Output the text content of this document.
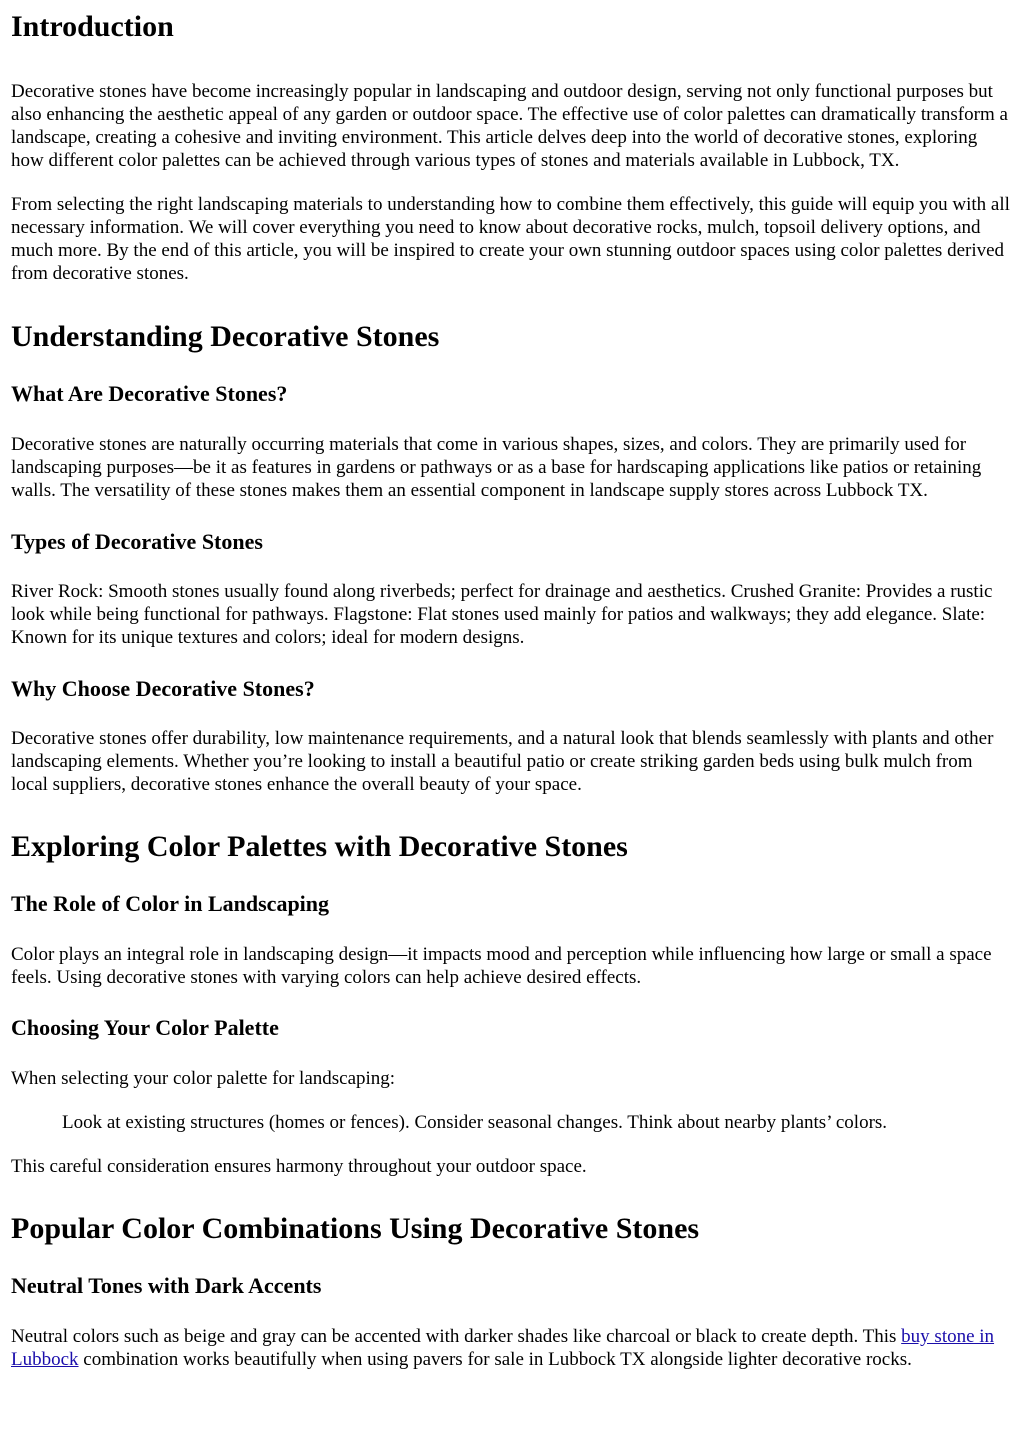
Introduction

Decorative stones have become increasingly popular in landscaping and outdoor design, serving not only functional purposes but also enhancing the aesthetic appeal of any garden or outdoor space. The effective use of color palettes can dramatically transform a landscape, creating a cohesive and inviting environment. This article delves deep into the world of decorative stones, exploring how different color palettes can be achieved through various types of stones and materials available in Lubbock, TX.

From selecting the right landscaping materials to understanding how to combine them effectively, this guide will equip you with all necessary information. We will cover everything you need to know about decorative rocks, mulch, topsoil delivery options, and much more. By the end of this article, you will be inspired to create your own stunning outdoor spaces using color palettes derived from decorative stones.

Understanding Decorative Stones
What Are Decorative Stones?

Decorative stones are naturally occurring materials that come in various shapes, sizes, and colors. They are primarily used for landscaping purposes—be it as features in gardens or pathways or as a base for hardscaping applications like patios or retaining walls. The versatility of these stones makes them an essential component in landscape supply stores across Lubbock TX.

Types of Decorative Stones

River Rock: Smooth stones usually found along riverbeds; perfect for drainage and aesthetics. Crushed Granite: Provides a rustic look while being functional for pathways. Flagstone: Flat stones used mainly for patios and walkways; they add elegance. Slate: Known for its unique textures and colors; ideal for modern designs.

Why Choose Decorative Stones?

Decorative stones offer durability, low maintenance requirements, and a natural look that blends seamlessly with plants and other landscaping elements. Whether you’re looking to install a beautiful patio or create striking garden beds using bulk mulch from local suppliers, decorative stones enhance the overall beauty of your space.

Exploring Color Palettes with Decorative Stones
The Role of Color in Landscaping

Color plays an integral role in landscaping design—it impacts mood and perception while influencing how large or small a space feels. Using decorative stones with varying colors can help achieve desired effects.

Choosing Your Color Palette

When selecting your color palette for landscaping:

Look at existing structures (homes or fences). Consider seasonal changes. Think about nearby plants’ colors.

This careful consideration ensures harmony throughout your outdoor space.

Popular Color Combinations Using Decorative Stones
Neutral Tones with Dark Accents

Neutral colors such as beige and gray can be accented with darker shades like charcoal or black to create depth. This buy stone in Lubbock combination works beautifully when using pavers for sale in Lubbock TX alongside lighter decorative rocks.
